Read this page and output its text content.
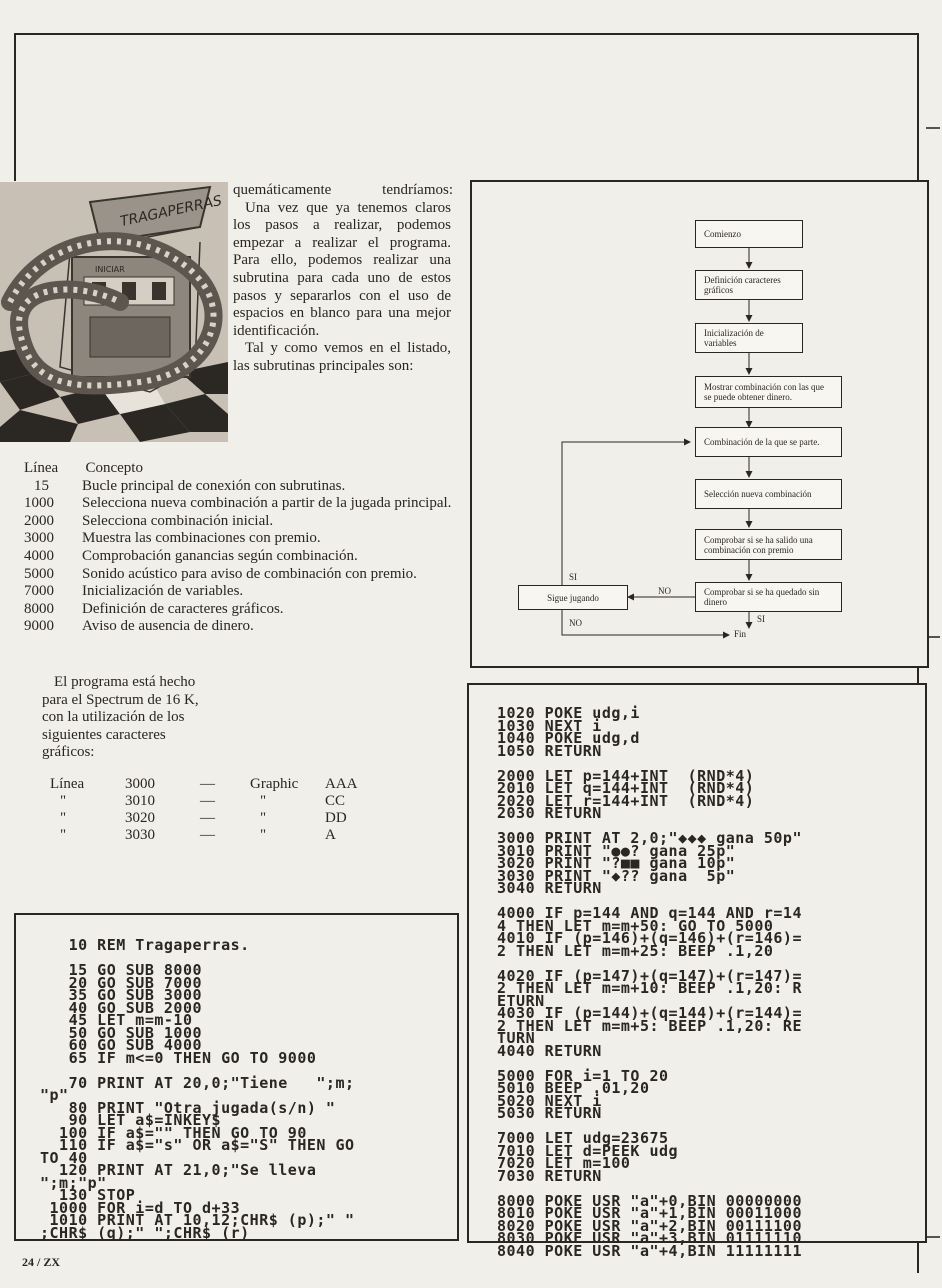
TRAGAPERRAS
INICIAR

quemáticamente tendríamos:

Una vez que ya tenemos claros los pasos a realizar, podemos empezar a realizar el programa. Para ello, podemos realizar una subrutina para cada uno de estos pasos y separarlos con el uso de espacios en blanco para una mejor identificación.

Tal y como vemos en el listado, las subrutinas principales son:

Línea	Concepto
15	Bucle principal de conexión con subrutinas.
1000	Selecciona nueva combinación a partir de la jugada principal.
2000	Selecciona combinación inicial.
3000	Muestra las combinaciones con premio.
4000	Comprobación ganancias según combinación.
5000	Sonido acústico para aviso de combinación con premio.
7000	Inicialización de variables.
8000	Definición de caracteres gráficos.
9000	Aviso de ausencia de dinero.
El programa está hecho para el Spectrum de 16 K, con la utilización de los siguientes caracteres gráficos:
Línea	3000	—	Graphic	AAA
"	3010	—	"	CC
"	3020	—	"	DD
"	3030	—	"	A
Comienzo
Definición caracteres gráficos
Inicialización de variables
Mostrar combinación con las que se puede obtener dinero.
Combinación de la que se parte.
Selección nueva combinación
Comprobar si se ha salido una combinación con premio
Comprobar si se ha quedado sin dinero
Sigue jugando
Fin
SI
NO
SI
NO
10 REM Tragaperras.

15 GO SUB 8000
20 GO SUB 7000
35 GO SUB 3000
40 GO SUB 2000
45 LET m=m-10
50 GO SUB 1000
60 GO SUB 4000
65 IF m<=0 THEN GO TO 9000

70 PRINT AT 20,0;"Tiene   ";m;
"p"
80 PRINT "Otra jugada(s/n) "
90 LET a$=INKEY$
100 IF a$="" THEN GO TO 90
110 IF a$="s" OR a$="S" THEN GO
TO 40
120 PRINT AT 21,0;"Se lleva
";m;"p"
130 STOP
1000 FOR i=d TO d+33
1010 PRINT AT 10,12;CHR$ (p);" "
;CHR$ (q);" ";CHR$ (r)
1020 POKE udg,i
1030 NEXT i
1040 POKE udg,d
1050 RETURN

2000 LET p=144+INT  (RND*4)
2010 LET q=144+INT  (RND*4)
2020 LET r=144+INT  (RND*4)
2030 RETURN

3000 PRINT AT 2,0;"◆◆◆ gana 50p"
3010 PRINT "●●? gana 25p"
3020 PRINT "?■■ gana 10p"
3030 PRINT "◆?? gana  5p"
3040 RETURN

4000 IF p=144 AND q=144 AND r=14
4 THEN LET m=m+50: GO TO 5000
4010 IF (p=146)+(q=146)+(r=146)=
2 THEN LET m=m+25: BEEP .1,20

4020 IF (p=147)+(q=147)+(r=147)=
2 THEN LET m=m+10: BEEP .1,20: R
ETURN
4030 IF (p=144)+(q=144)+(r=144)=
2 THEN LET m=m+5: BEEP .1,20: RE
TURN
4040 RETURN

5000 FOR i=1 TO 20
5010 BEEP .01,20
5020 NEXT i
5030 RETURN

7000 LET udg=23675
7010 LET d=PEEK udg
7020 LET m=100
7030 RETURN

8000 POKE USR "a"+0,BIN 00000000
8010 POKE USR "a"+1,BIN 00011000
8020 POKE USR "a"+2,BIN 00111100
8030 POKE USR "a"+3,BIN 01111110
8040 POKE USR "a"+4,BIN 11111111
24 / ZX
